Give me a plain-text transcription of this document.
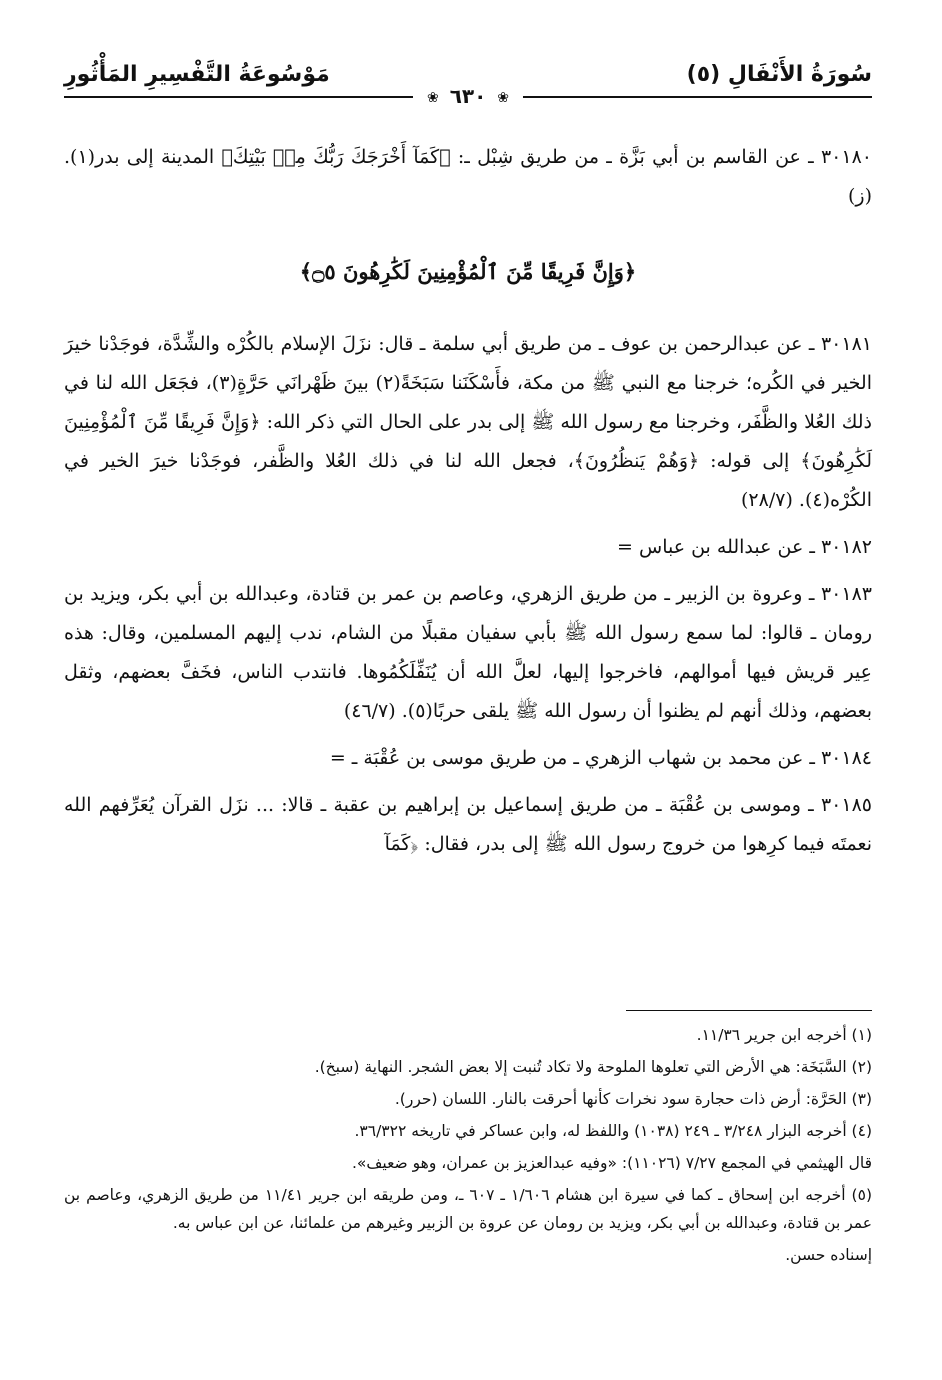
سُورَةُ الأَنْفَالِ (٥)
مَوْسُوعَةُ التَّفْسِيرِ المَأْثُورِ
❀ ٦٣٠ ❀

٣٠١٨٠ ـ عن القاسم بن أبي بَزَّة ـ من طريق شِبْل ـ: ﴿كَمَآ أَخْرَجَكَ رَبُّكَ مِنۢ بَيْتِكَ﴾ المدينة إلى بدر(١). (ز)

﴿وَإِنَّ فَرِيقًا مِّنَ ٱلْمُؤْمِنِينَ لَكَٰرِهُونَ ۝٥﴾

٣٠١٨١ ـ عن عبدالرحمن بن عوف ـ من طريق أبي سلمة ـ قال: نزَلَ الإسلام بالكُرْه والشِّدَّة، فوجَدْنا خيرَ الخير في الكُره؛ خرجنا مع النبي ﷺ من مكة، فأَسْكَنَنا سَبَخَةً(٢) بينَ ظَهْرانَي حَرَّةٍ(٣)، فجَعَل الله لنا في ذلك العُلا والظَّفَر، وخرجنا مع رسول الله ﷺ إلى بدر على الحال التي ذكر الله: ﴿وَإِنَّ فَرِيقًا مِّنَ ٱلْمُؤْمِنِينَ لَكَٰرِهُونَ﴾ إلى قوله: ﴿وَهُمْ يَنظُرُونَ﴾، فجعل الله لنا في ذلك العُلا والظَّفر، فوجَدْنا خيرَ الخير في الكُرْه(٤). (٢٨/٧)

٣٠١٨٢ ـ عن عبدالله بن عباس =

٣٠١٨٣ ـ وعروة بن الزبير ـ من طريق الزهري، وعاصم بن عمر بن قتادة، وعبدالله بن أبي بكر، ويزيد بن رومان ـ قالوا: لما سمع رسول الله ﷺ بأبي سفيان مقبلًا من الشام، ندب إليهم المسلمين، وقال: هذه عِير قريش فيها أموالهم، فاخرجوا إليها، لعلَّ الله أن يُنَفِّلَكُمُوها. فانتدب الناس، فخَفَّ بعضهم، وثقل بعضهم، وذلك أنهم لم يظنوا أن رسول الله ﷺ يلقى حربًا(٥). (٤٦/٧)

٣٠١٨٤ ـ عن محمد بن شهاب الزهري ـ من طريق موسى بن عُقْبَة ـ =

٣٠١٨٥ ـ وموسى بن عُقْبَة ـ من طريق إسماعيل بن إبراهيم بن عقبة ـ قالا: ... نزَل القرآن يُعَرِّفهم الله نعمتَه فيما كرِهوا من خروج رسول الله ﷺ إلى بدر، فقال: ﴿كَمَآ

(١) أخرجه ابن جرير ١١/٣٦.

(٢) السَّبَخَة: هي الأرض التي تعلوها الملوحة ولا تكاد تُنبت إلا بعض الشجر. النهاية (سبخ).

(٣) الحَرَّة: أرض ذات حجارة سود نخرات كأنها أحرقت بالنار. اللسان (حرر).

(٤) أخرجه البزار ٣/٢٤٨ ـ ٢٤٩ (١٠٣٨) واللفظ له، وابن عساكر في تاريخه ٣٦/٣٢٢.

قال الهيثمي في المجمع ٧/٢٧ (١١٠٢٦): «وفيه عبدالعزيز بن عمران، وهو ضعيف».

(٥) أخرجه ابن إسحاق ـ كما في سيرة ابن هشام ١/٦٠٦ ـ ٦٠٧ ـ، ومن طريقه ابن جرير ١١/٤١ من طريق الزهري، وعاصم بن عمر بن قتادة، وعبدالله بن أبي بكر، ويزيد بن رومان عن عروة بن الزبير وغيرهم من علمائنا، عن ابن عباس به.

إسناده حسن.
